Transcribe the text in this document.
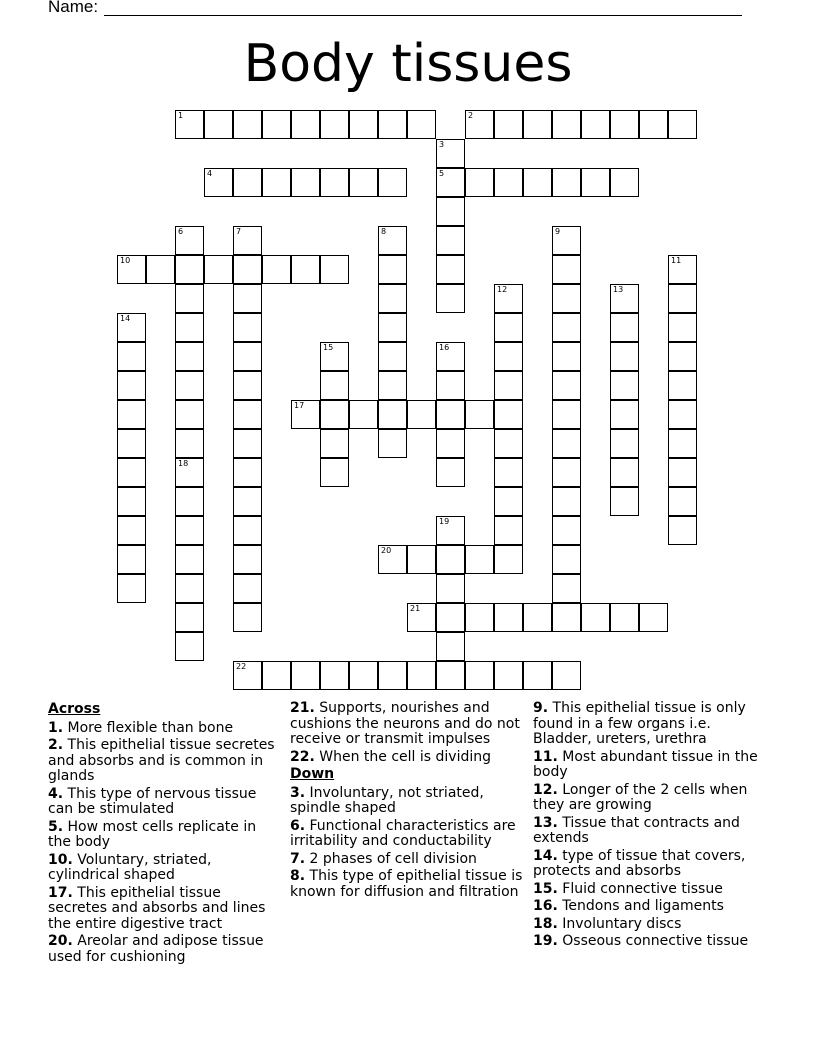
Name:
Body tissues
1	2
4	5
10
17
20
21
22
3
6	7	8	9
11
12	13
14
15	16
18
19
Across
1. More flexible than bone
2. This epithelial tissue secretes and absorbs and is common in glands
4. This type of nervous tissue can be stimulated
5. How most cells replicate in the body
10. Voluntary, striated, cylindrical shaped
17. This epithelial tissue secretes and absorbs and lines the entire digestive tract
20. Areolar and adipose tissue used for cushioning
21. Supports, nourishes and cushions the neurons and do not receive or transmit impulses
22. When the cell is dividing
Down
3. Involuntary, not striated, spindle shaped
6. Functional characteristics are irritability and conductability
7. 2 phases of cell division
8. This type of epithelial tissue is known for diffusion and filtration
9. This epithelial tissue is only found in a few organs i.e. Bladder, ureters, urethra
11. Most abundant tissue in the body
12. Longer of the 2 cells when they are growing
13. Tissue that contracts and extends
14. type of tissue that covers, protects and absorbs
15. Fluid connective tissue
16. Tendons and ligaments
18. Involuntary discs
19. Osseous connective tissue
